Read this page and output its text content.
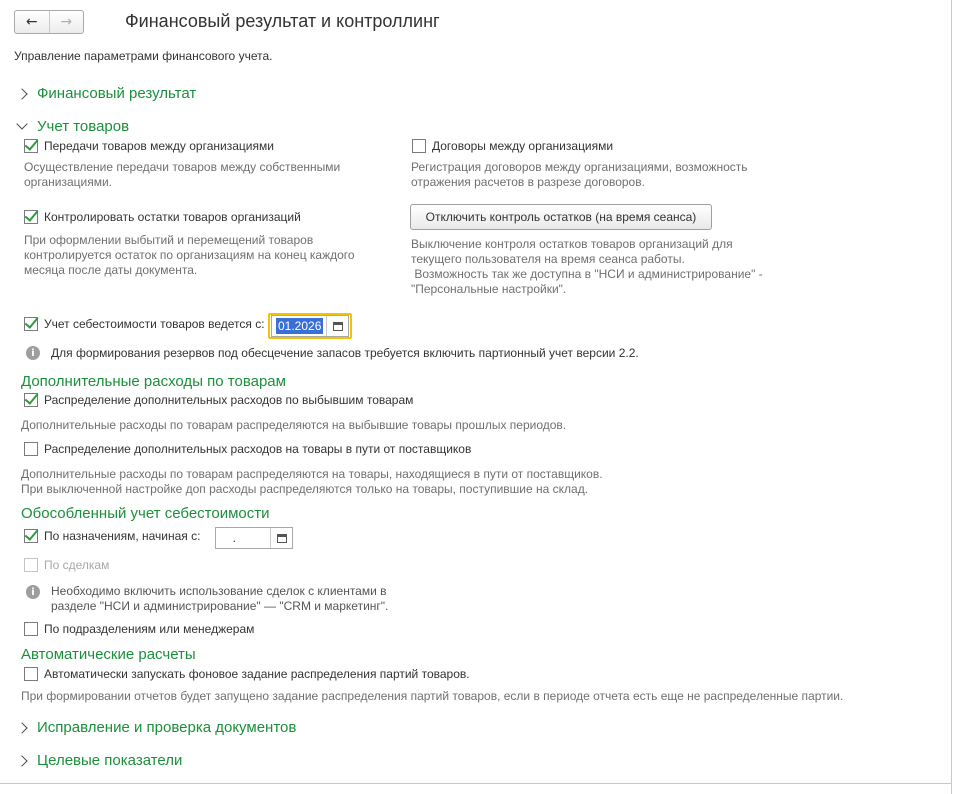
←	→	Финансовый результат и контроллинг
Управление параметрами финансового учета.
Финансовый результат
Учет товаров
Передачи товаров между организациями
Осуществление передачи товаров между собственными
организациями.
Договоры между организациями
Регистрация договоров между организациями, возможность
отражения расчетов в разрезе договоров.
Контролировать остатки товаров организаций
При оформлении выбытий и перемещений товаров
контролируется остаток по организациям на конец каждого
месяца после даты документа.
Отключить контроль остатков (на время сеанса)
Выключение контроля остатков товаров организаций для
текущего пользователя на время сеанса работы.
Возможность так же доступна в "НСИ и администрирование" -
"Персональные настройки".
Учет себестоимости товаров ведется с: 01.2026
i	Для формирования резервов под обесцечение запасов требуется включить партионный учет версии 2.2.
Дополнительные расходы по товарам
Распределение дополнительных расходов по выбывшим товарам
Дополнительные расходы по товарам распределяются на выбывшие товары прошлых периодов.
Распределение дополнительных расходов на товары в пути от поставщиков
Дополнительные расходы по товарам распределяются на товары, находящиеся в пути от поставщиков.
При выключенной настройке доп расходы распределяются только на товары, поступившие на склад.
Обособленный учет себестоимости
По назначениям, начиная с:	.
По сделкам
i	Необходимо включить использование сделок с клиентами в
разделе "НСИ и администрирование" — "CRM и маркетинг".
По подразделениям или менеджерам
Автоматические расчеты
Автоматически запускать фоновое задание распределения партий товаров.
При формировании отчетов будет запущено задание распределения партий товаров, если в периоде отчета есть еще не распределенные партии.
Исправление и проверка документов
Целевые показатели
